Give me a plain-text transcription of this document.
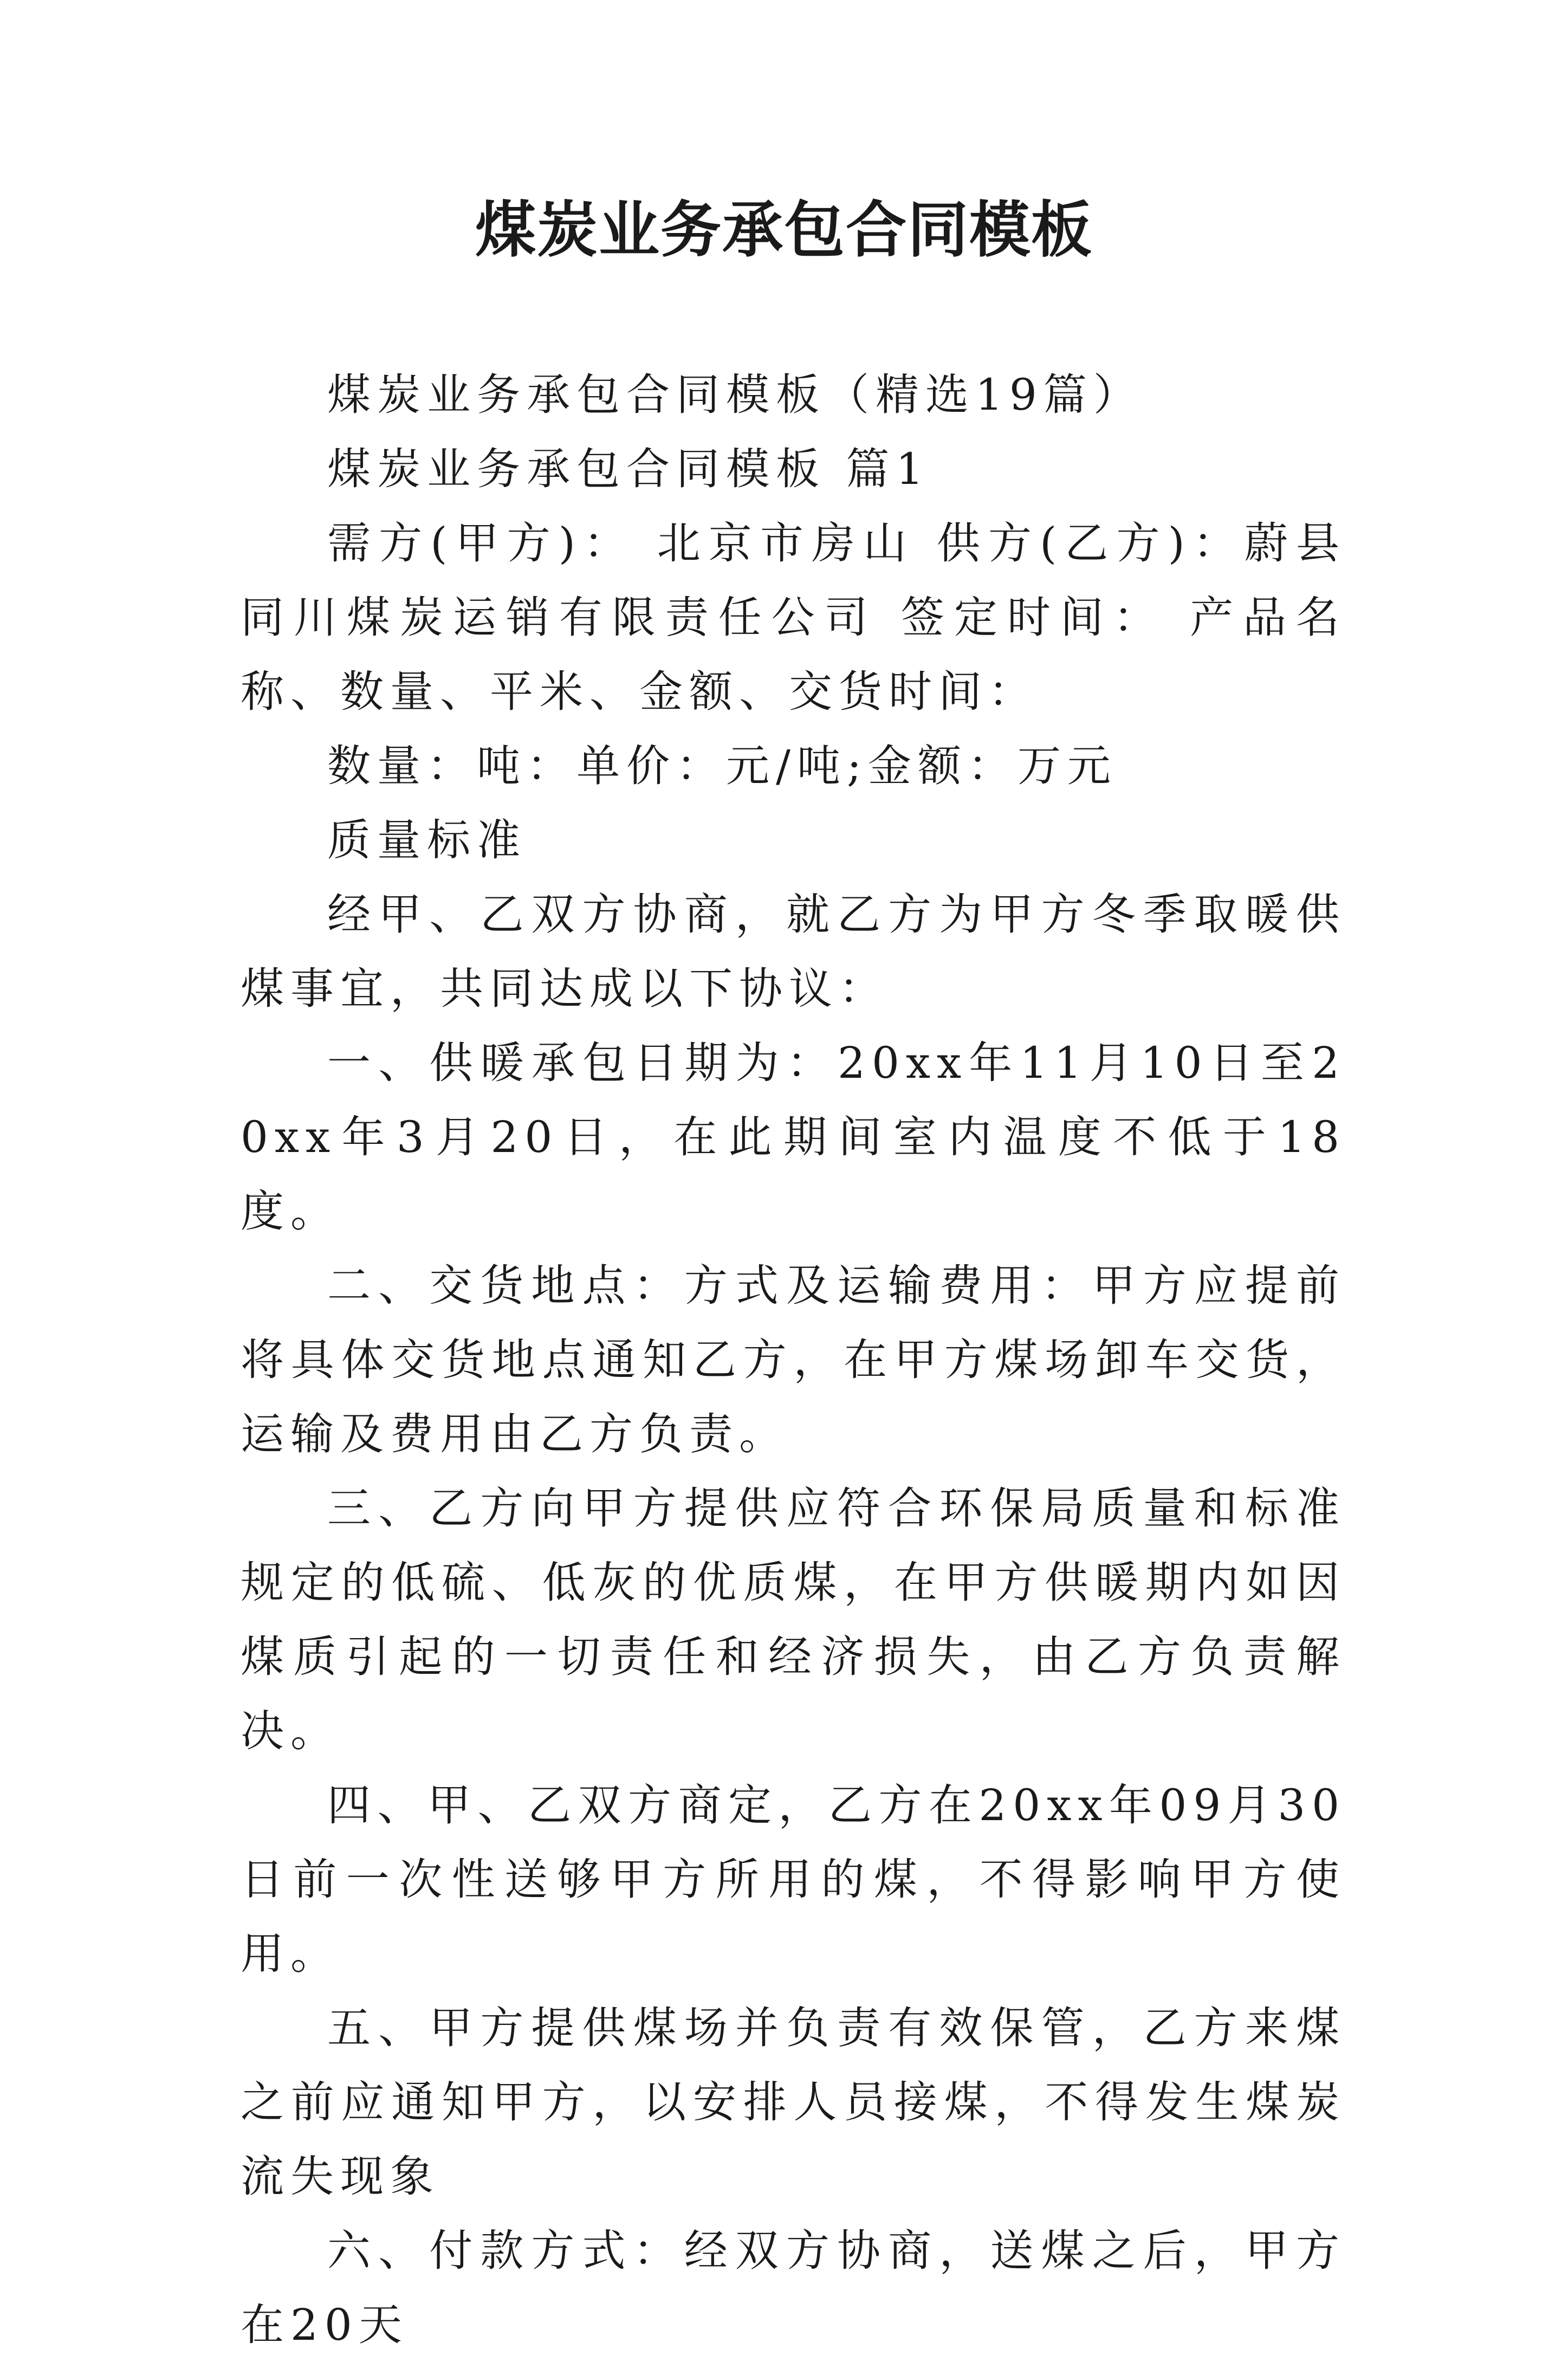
煤炭业务承包合同模板

煤炭业务承包合同模板（精选19篇）

煤炭业务承包合同模板 篇1

需方(甲方)： 北京市房山 供方(乙方)：蔚县同川煤炭运销有限责任公司 签定时间： 产品名称、数量、平米、金额、交货时间：

数量：吨：单价：元/吨;金额：万元

质量标准

经甲、乙双方协商，就乙方为甲方冬季取暖供煤事宜，共同达成以下协议：

一、供暖承包日期为：20xx年11月10日至20xx年3月20日，在此期间室内温度不低于18度。

二、交货地点：方式及运输费用：甲方应提前将具体交货地点通知乙方，在甲方煤场卸车交货，运输及费用由乙方负责。

三、乙方向甲方提供应符合环保局质量和标准规定的低硫、低灰的优质煤，在甲方供暖期内如因煤质引起的一切责任和经济损失，由乙方负责解决。

四、甲、乙双方商定，乙方在20xx年09月30日前一次性送够甲方所用的煤，不得影响甲方使用。

五、甲方提供煤场并负责有效保管，乙方来煤之前应通知甲方，以安排人员接煤，不得发生煤炭流失现象

六、付款方式：经双方协商，送煤之后，甲方在20天
